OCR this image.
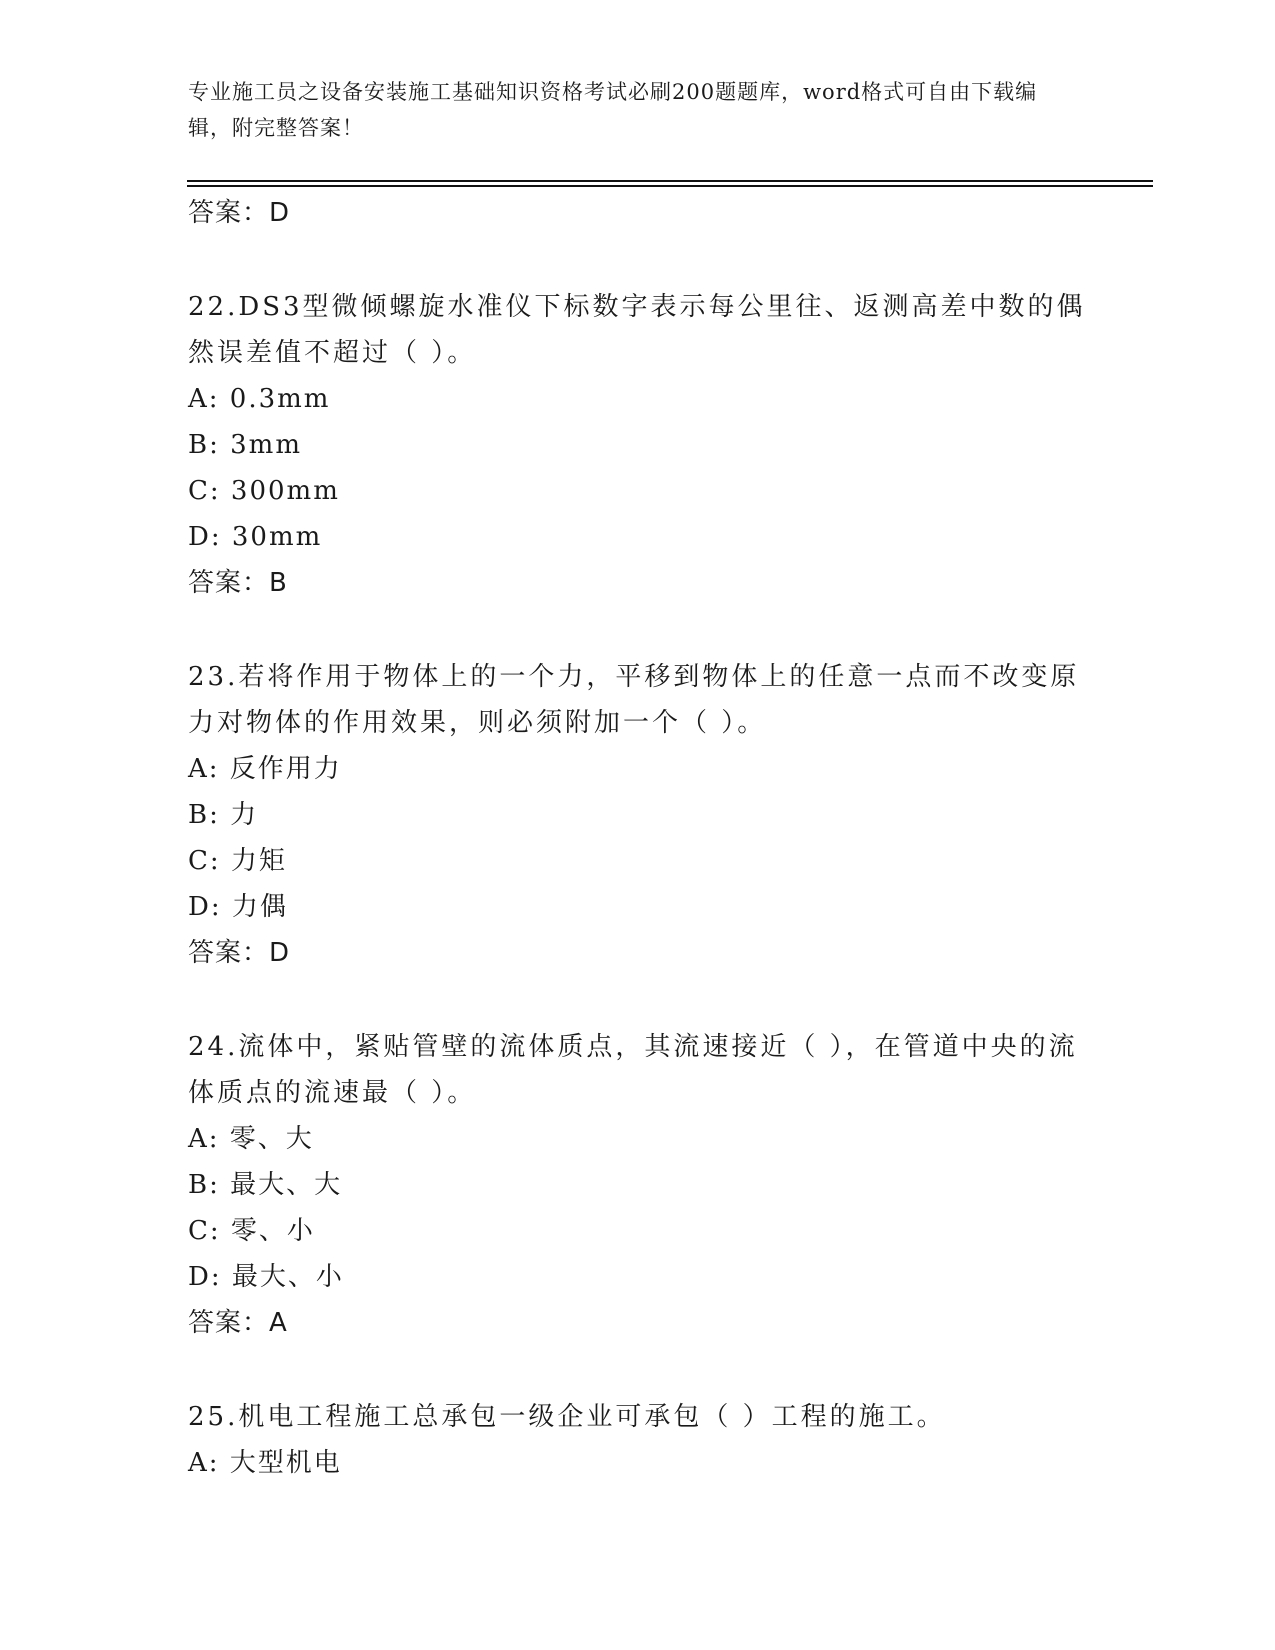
专业施工员之设备安装施工基础知识资格考试必刷200题题库，word格式可自由下载编辑，附完整答案！
答案：D
22.DS3型微倾螺旋水准仪下标数字表示每公里往、返测高差中数的偶然误差值不超过（ ）。
A: 0.3mm
B: 3mm
C: 300mm
D: 30mm
答案：B
23.若将作用于物体上的一个力，平移到物体上的任意一点而不改变原力对物体的作用效果，则必须附加一个（ ）。
A: 反作用力
B: 力
C: 力矩
D: 力偶
答案：D
24.流体中，紧贴管壁的流体质点，其流速接近（ ），在管道中央的流体质点的流速最（ ）。
A: 零、大
B: 最大、大
C: 零、小
D: 最大、小
答案：A
25.机电工程施工总承包一级企业可承包（ ）工程的施工。
A: 大型机电
